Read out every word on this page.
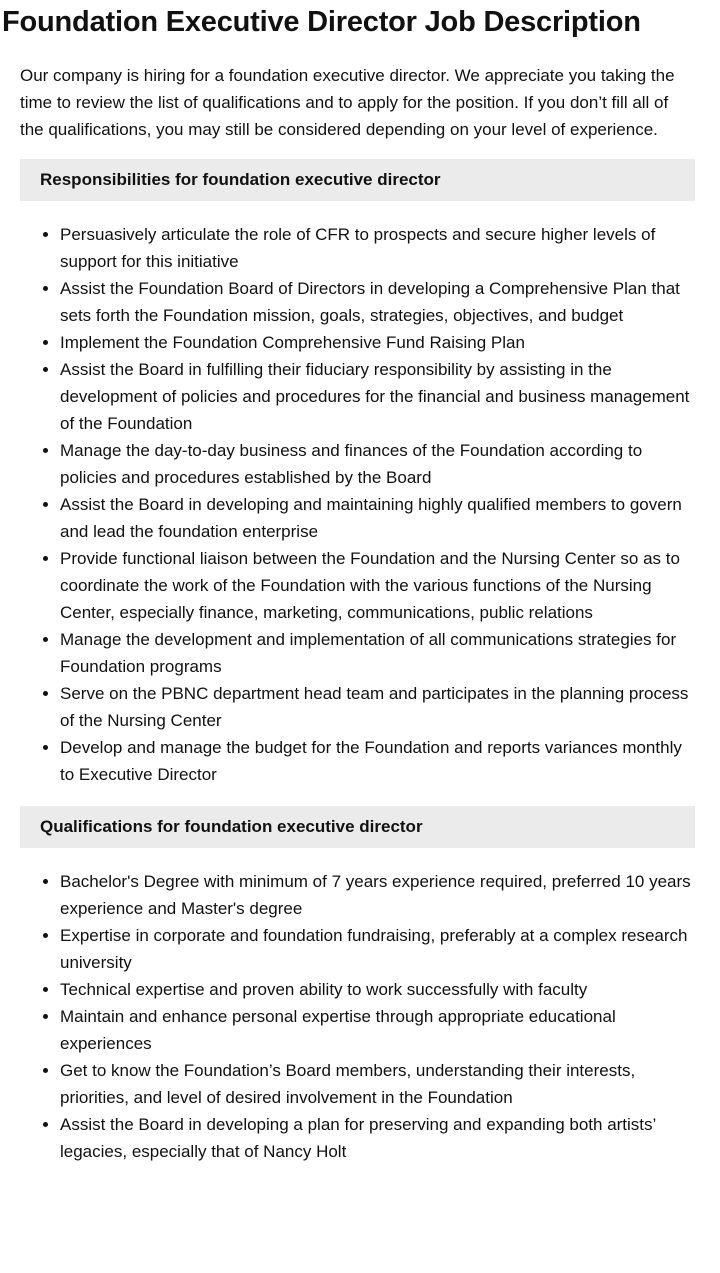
Foundation Executive Director Job Description

Our company is hiring for a foundation executive director. We appreciate you taking the time to review the list of qualifications and to apply for the position. If you don’t fill all of the qualifications, you may still be considered depending on your level of experience.

Responsibilities for foundation executive director
• Persuasively articulate the role of CFR to prospects and secure higher levels of support for this initiative
• Assist the Foundation Board of Directors in developing a Comprehensive Plan that sets forth the Foundation mission, goals, strategies, objectives, and budget
• Implement the Foundation Comprehensive Fund Raising Plan
• Assist the Board in fulfilling their fiduciary responsibility by assisting in the development of policies and procedures for the financial and business management of the Foundation
• Manage the day-to-day business and finances of the Foundation according to policies and procedures established by the Board
• Assist the Board in developing and maintaining highly qualified members to govern and lead the foundation enterprise
• Provide functional liaison between the Foundation and the Nursing Center so as to coordinate the work of the Foundation with the various functions of the Nursing Center, especially finance, marketing, communications, public relations
• Manage the development and implementation of all communications strategies for Foundation programs
• Serve on the PBNC department head team and participates in the planning process of the Nursing Center
• Develop and manage the budget for the Foundation and reports variances monthly to Executive Director
Qualifications for foundation executive director
• Bachelor's Degree with minimum of 7 years experience required, preferred 10 years experience and Master's degree
• Expertise in corporate and foundation fundraising, preferably at a complex research university
• Technical expertise and proven ability to work successfully with faculty
• Maintain and enhance personal expertise through appropriate educational experiences
• Get to know the Foundation’s Board members, understanding their interests, priorities, and level of desired involvement in the Foundation
• Assist the Board in developing a plan for preserving and expanding both artists’ legacies, especially that of Nancy Holt
